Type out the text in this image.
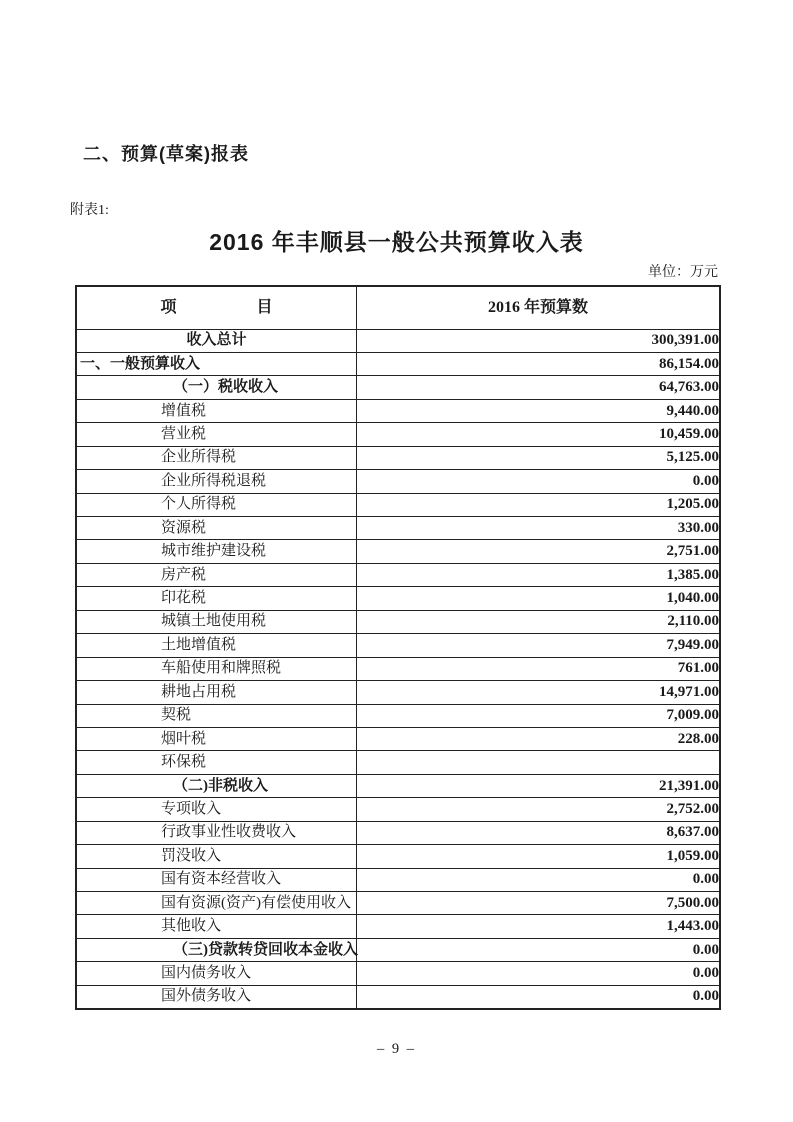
二、预算(草案)报表
附表1:
2016 年丰顺县一般公共预算收入表
单位：万元
项　　　　　目	2016 年预算数
收入总计	300,391.00
一、一般预算收入	86,154.00
（一）税收收入	64,763.00
增值税	9,440.00
营业税	10,459.00
企业所得税	5,125.00
企业所得税退税	0.00
个人所得税	1,205.00
资源税	330.00
城市维护建设税	2,751.00
房产税	1,385.00
印花税	1,040.00
城镇土地使用税	2,110.00
土地增值税	7,949.00
车船使用和牌照税	761.00
耕地占用税	14,971.00
契税	7,009.00
烟叶税	228.00
环保税	
（二)非税收入	21,391.00
专项收入	2,752.00
行政事业性收费收入	8,637.00
罚没收入	1,059.00
国有资本经营收入	0.00
国有资源(资产)有偿使用收入	7,500.00
其他收入	1,443.00
（三)贷款转贷回收本金收入	0.00
国内债务收入	0.00
国外债务收入	0.00
– 9 –
